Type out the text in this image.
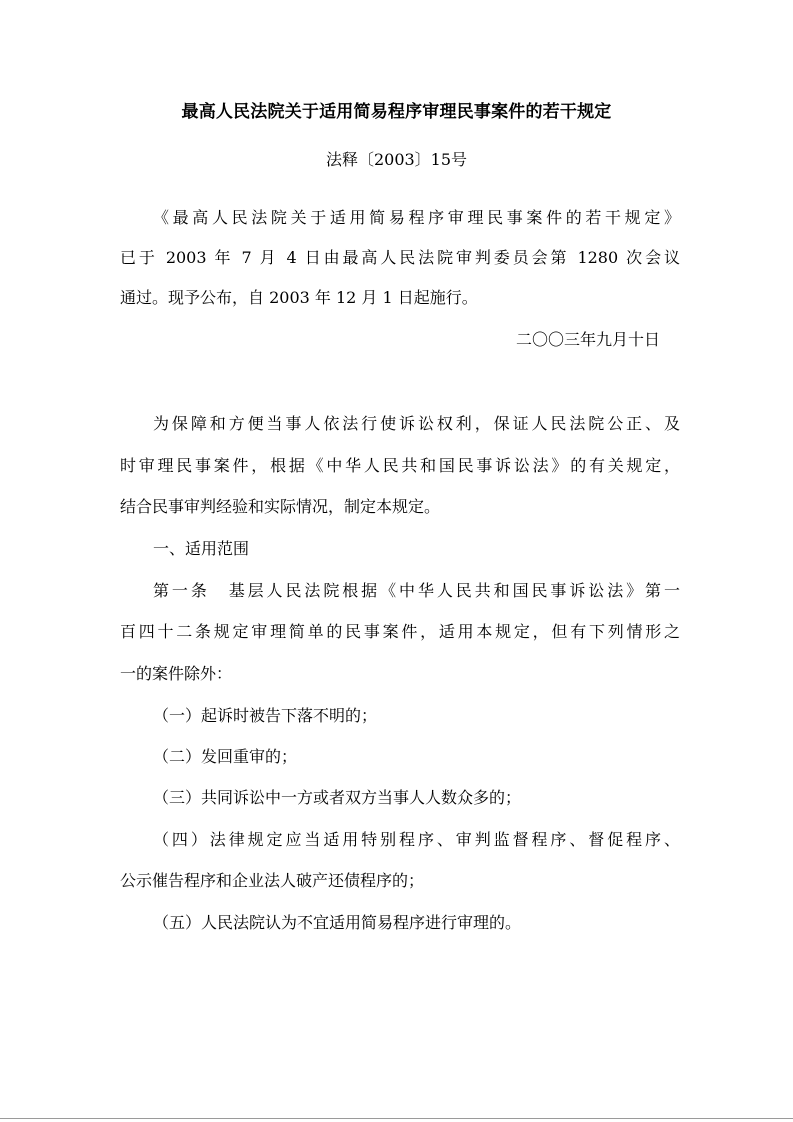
最高人民法院关于适用简易程序审理民事案件的若干规定
法释〔2003〕15号
《最高人民法院关于适用简易程序审理民事案件的若干规定》
已于 2003 年 7 月 4 日由最高人民法院审判委员会第 1280 次会议
通过。现予公布，自 2003 年 12 月 1 日起施行。
二〇〇三年九月十日
为保障和方便当事人依法行使诉讼权利，保证人民法院公正、及
时审理民事案件，根据《中华人民共和国民事诉讼法》的有关规定，
结合民事审判经验和实际情况，制定本规定。
一、适用范围
第一条　基层人民法院根据《中华人民共和国民事诉讼法》第一
百四十二条规定审理简单的民事案件，适用本规定，但有下列情形之
一的案件除外：
（一）起诉时被告下落不明的；
（二）发回重审的；
（三）共同诉讼中一方或者双方当事人人数众多的；
（四）法律规定应当适用特别程序、审判监督程序、督促程序、
公示催告程序和企业法人破产还债程序的；
（五）人民法院认为不宜适用简易程序进行审理的。
